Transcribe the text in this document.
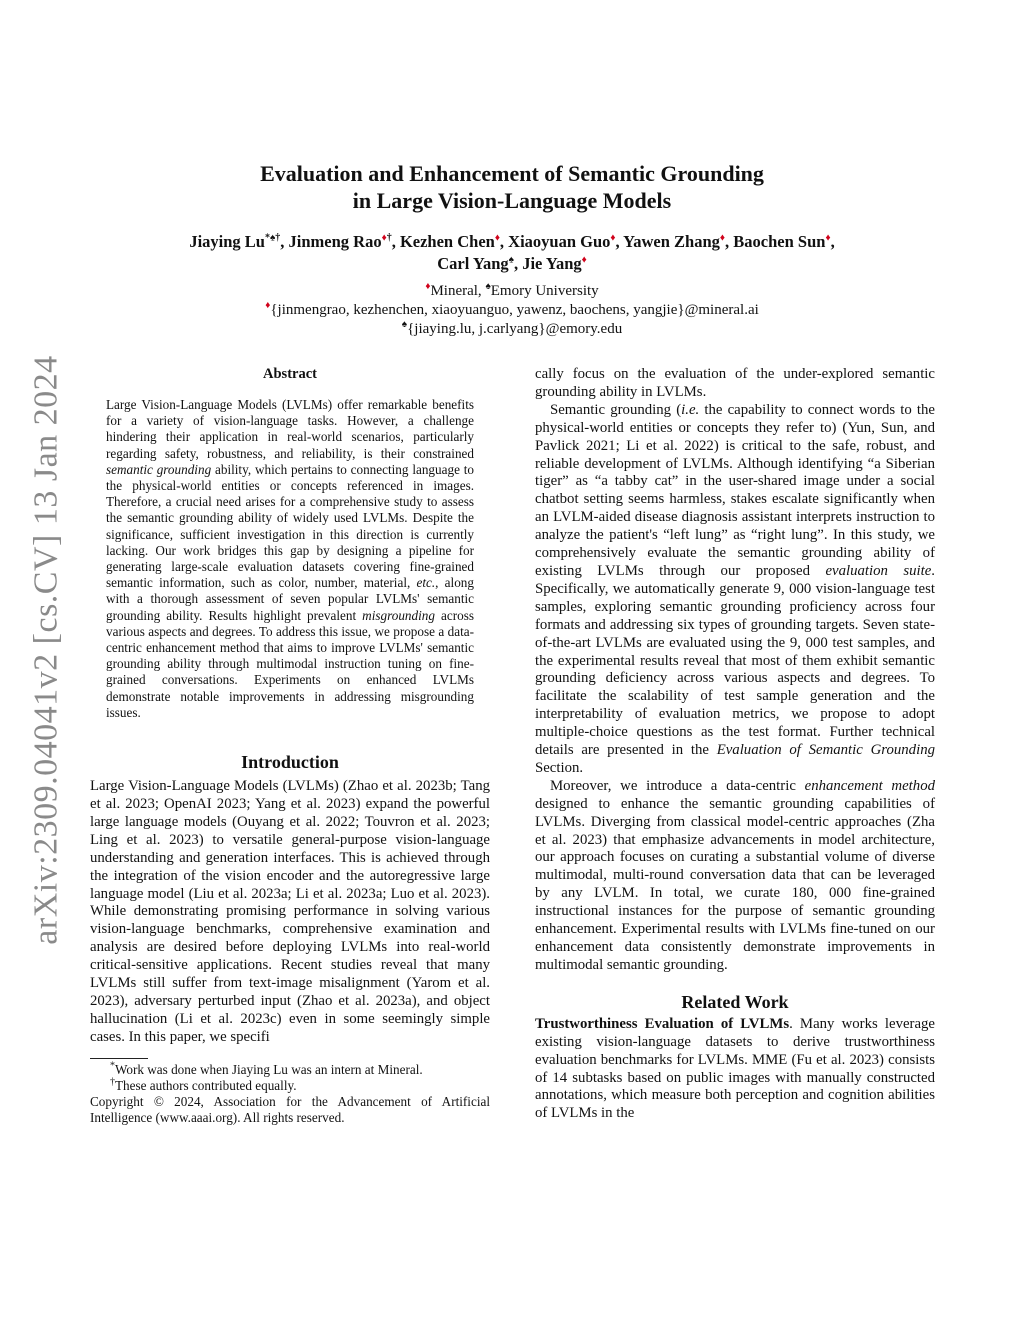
arXiv:2309.04041v2 [cs.CV] 13 Jan 2024
Evaluation and Enhancement of Semantic Grounding
in Large Vision-Language Models
Jiaying Lu*♠†, Jinmeng Rao♦†, Kezhen Chen♦, Xiaoyuan Guo♦, Yawen Zhang♦, Baochen Sun♦,
Carl Yang♠, Jie Yang♦
♦Mineral, ♠Emory University
♦{jinmengrao, kezhenchen, xiaoyuanguo, yawenz, baochens, yangjie}@mineral.ai
♠{jiaying.lu, j.carlyang}@emory.edu
Abstract

Large Vision-Language Models (LVLMs) offer remarkable benefits for a variety of vision-language tasks. However, a challenge hindering their application in real-world scenarios, particularly regarding safety, robustness, and reliability, is their constrained semantic grounding ability, which pertains to connecting language to the physical-world entities or concepts referenced in images. Therefore, a crucial need arises for a comprehensive study to assess the semantic grounding ability of widely used LVLMs. Despite the significance, sufficient investigation in this direction is currently lacking. Our work bridges this gap by designing a pipeline for generating large-scale evaluation datasets covering fine-grained semantic information, such as color, number, material, etc., along with a thorough assessment of seven popular LVLMs' semantic grounding ability. Results highlight prevalent misgrounding across various aspects and degrees. To address this issue, we propose a data-centric enhancement method that aims to improve LVLMs' semantic grounding ability through multimodal instruction tuning on fine-grained conversations. Experiments on enhanced LVLMs demonstrate notable improvements in addressing misgrounding issues.

Introduction

Large Vision-Language Models (LVLMs) (Zhao et al. 2023b; Tang et al. 2023; OpenAI 2023; Yang et al. 2023) expand the powerful large language models (Ouyang et al. 2022; Touvron et al. 2023; Ling et al. 2023) to versatile general-purpose vision-language understanding and generation interfaces. This is achieved through the integration of the vision encoder and the autoregressive large language model (Liu et al. 2023a; Li et al. 2023a; Luo et al. 2023). While demonstrating promising performance in solving various vision-language benchmarks, comprehensive examination and analysis are desired before deploying LVLMs into real-world critical-sensitive applications. Recent studies reveal that many LVLMs still suffer from text-image misalignment (Yarom et al. 2023), adversary perturbed input (Zhao et al. 2023a), and object hallucination (Li et al. 2023c) even in some seemingly simple cases. In this paper, we specifi

*Work was done when Jiaying Lu was an intern at Mineral.

†These authors contributed equally.

Copyright © 2024, Association for the Advancement of Artificial Intelligence (www.aaai.org). All rights reserved.

cally focus on the evaluation of the under-explored semantic grounding ability in LVLMs.

Semantic grounding (i.e. the capability to connect words to the physical-world entities or concepts they refer to) (Yun, Sun, and Pavlick 2021; Li et al. 2022) is critical to the safe, robust, and reliable development of LVLMs. Although identifying “a Siberian tiger” as “a tabby cat” in the user-shared image under a social chatbot setting seems harmless, stakes escalate significantly when an LVLM-aided disease diagnosis assistant interprets instruction to analyze the patient's “left lung” as “right lung”. In this study, we comprehensively evaluate the semantic grounding ability of existing LVLMs through our proposed evaluation suite. Specifically, we automatically generate 9, 000 vision-language test samples, exploring semantic grounding proficiency across four formats and addressing six types of grounding targets. Seven state-of-the-art LVLMs are evaluated using the 9, 000 test samples, and the experimental results reveal that most of them exhibit semantic grounding deficiency across various aspects and degrees. To facilitate the scalability of test sample generation and the interpretability of evaluation metrics, we propose to adopt multiple-choice questions as the test format. Further technical details are presented in the Evaluation of Semantic Grounding Section.

Moreover, we introduce a data-centric enhancement method designed to enhance the semantic grounding capabilities of LVLMs. Diverging from classical model-centric approaches (Zha et al. 2023) that emphasize advancements in model architecture, our approach focuses on curating a substantial volume of diverse multimodal, multi-round conversation data that can be leveraged by any LVLM. In total, we curate 180, 000 fine-grained instructional instances for the purpose of semantic grounding enhancement. Experimental results with LVLMs fine-tuned on our enhancement data consistently demonstrate improvements in multimodal semantic grounding.

Related Work

Trustworthiness Evaluation of LVLMs. Many works leverage existing vision-language datasets to derive trustworthiness evaluation benchmarks for LVLMs. MME (Fu et al. 2023) consists of 14 subtasks based on public images with manually constructed annotations, which measure both perception and cognition abilities of LVLMs in the
